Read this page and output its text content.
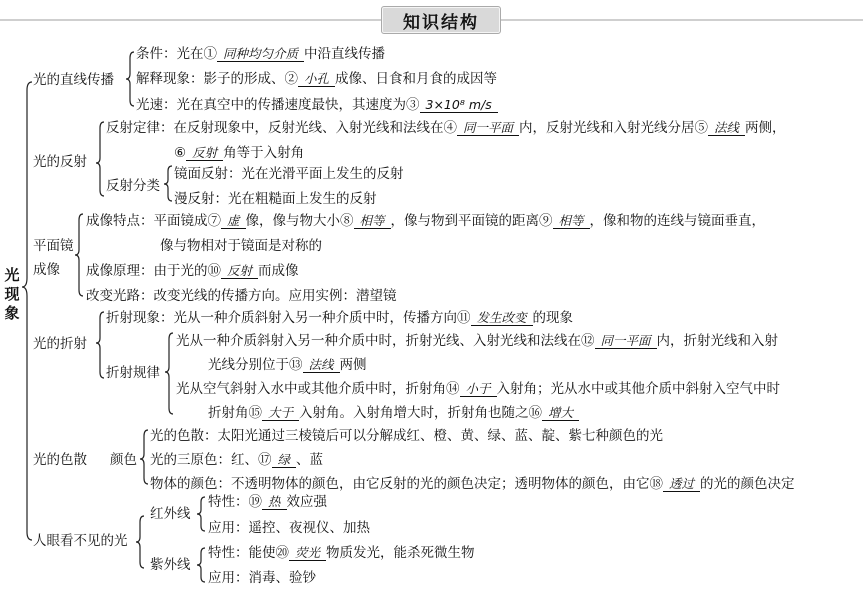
知识结构
光现象
光的直线传播
条件：光在① 同种均匀介质 中沿直线传播
解释现象：影子的形成、② 小孔 成像、日食和月食的成因等
光速：光在真空中的传播速度最快，其速度为③ 3×10⁸ m/s
光的反射
反射定律：在反射现象中，反射光线、入射光线和法线在④ 同一平面 内，反射光线和入射光线分居⑤ 法线 两侧，
⑥ 反射 角等于入射角
反射分类
镜面反射：光在光滑平面上发生的反射
漫反射：光在粗糙面上发生的反射
平面镜
成像
成像特点：平面镜成⑦ 虚 像，像与物大小⑧ 相等 ，像与物到平面镜的距离⑨ 相等 ，像和物的连线与镜面垂直，
像与物相对于镜面是对称的
成像原理：由于光的⑩ 反射 而成像
改变光路：改变光线的传播方向。应用实例：潜望镜
光的折射
折射现象：光从一种介质斜射入另一种介质中时，传播方向⑪ 发生改变 的现象
折射规律
光从一种介质斜射入另一种介质中时，折射光线、入射光线和法线在⑫ 同一平面 内，折射光线和入射
光线分别位于⑬ 法线 两侧
光从空气斜射入水中或其他介质中时，折射角⑭ 小于 入射角；光从水中或其他介质中斜射入空气中时
折射角⑮ 大于 入射角。入射角增大时，折射角也随之⑯ 增大
光的色散 颜色
光的色散：太阳光通过三棱镜后可以分解成红、橙、黄、绿、蓝、靛、紫七种颜色的光
光的三原色：红、⑰ 绿 、蓝
物体的颜色：不透明物体的颜色，由它反射的光的颜色决定；透明物体的颜色，由它⑱ 透过 的光的颜色决定
人眼看不见的光
红外线
特性：⑲ 热 效应强
应用：遥控、夜视仪、加热
紫外线
特性：能使⑳ 荧光 物质发光，能杀死微生物
应用：消毒、验钞
